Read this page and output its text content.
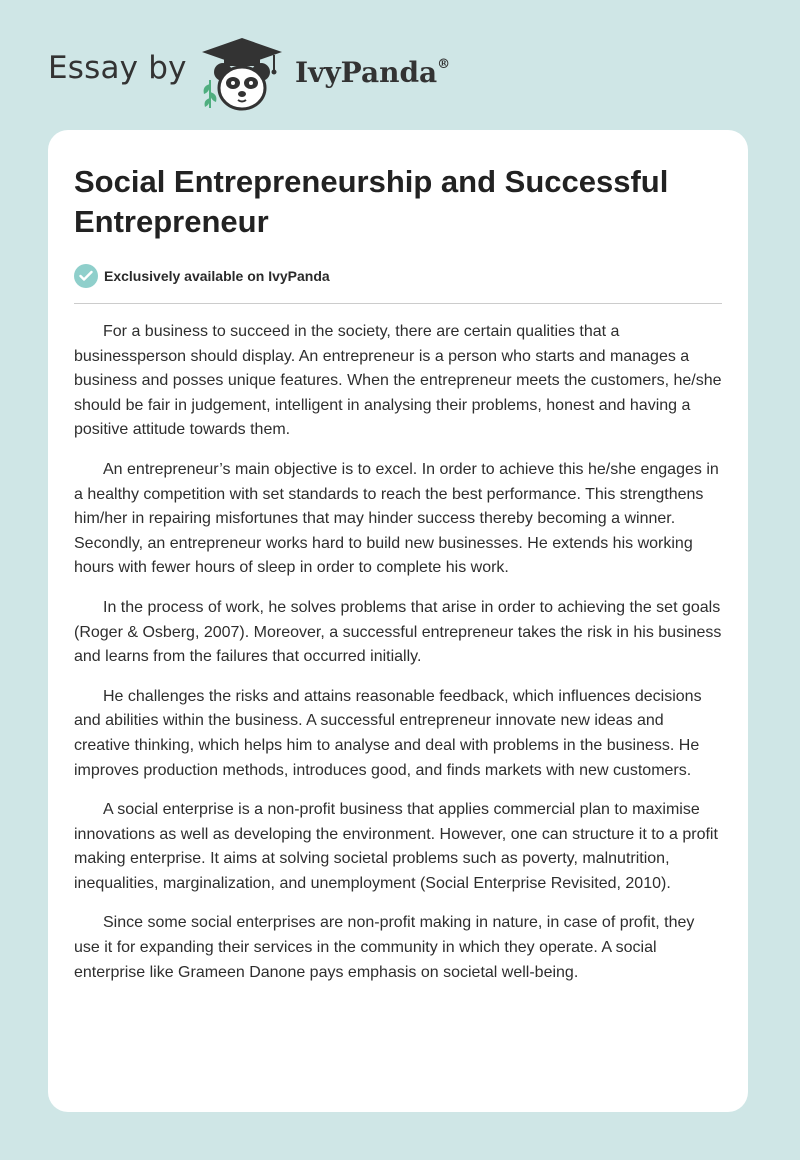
Essay by	IvyPanda®
Social Entrepreneurship and Successful Entrepreneur
Exclusively available on IvyPanda

For a business to succeed in the society, there are certain qualities that a businessperson should display. An entrepreneur is a person who starts and manages a business and posses unique features. When the entrepreneur meets the customers, he/she should be fair in judgement, intelligent in analysing their problems, honest and having a positive attitude towards them.

An entrepreneur’s main objective is to excel. In order to achieve this he/she engages in a healthy competition with set standards to reach the best performance. This strengthens him/her in repairing misfortunes that may hinder success thereby becoming a winner. Secondly, an entrepreneur works hard to build new businesses. He extends his working hours with fewer hours of sleep in order to complete his work.

In the process of work, he solves problems that arise in order to achieving the set goals (Roger & Osberg, 2007). Moreover, a successful entrepreneur takes the risk in his business and learns from the failures that occurred initially.

He challenges the risks and attains reasonable feedback, which influences decisions and abilities within the business. A successful entrepreneur innovate new ideas and creative thinking, which helps him to analyse and deal with problems in the business. He improves production methods, introduces good, and finds markets with new customers.

A social enterprise is a non-profit business that applies commercial plan to maximise innovations as well as developing the environment. However, one can structure it to a profit making enterprise. It aims at solving societal problems such as poverty, malnutrition, inequalities, marginalization, and unemployment (Social Enterprise Revisited, 2010).

Since some social enterprises are non-profit making in nature, in case of profit, they use it for expanding their services in the community in which they operate. A social enterprise like Grameen Danone pays emphasis on societal well-being.
